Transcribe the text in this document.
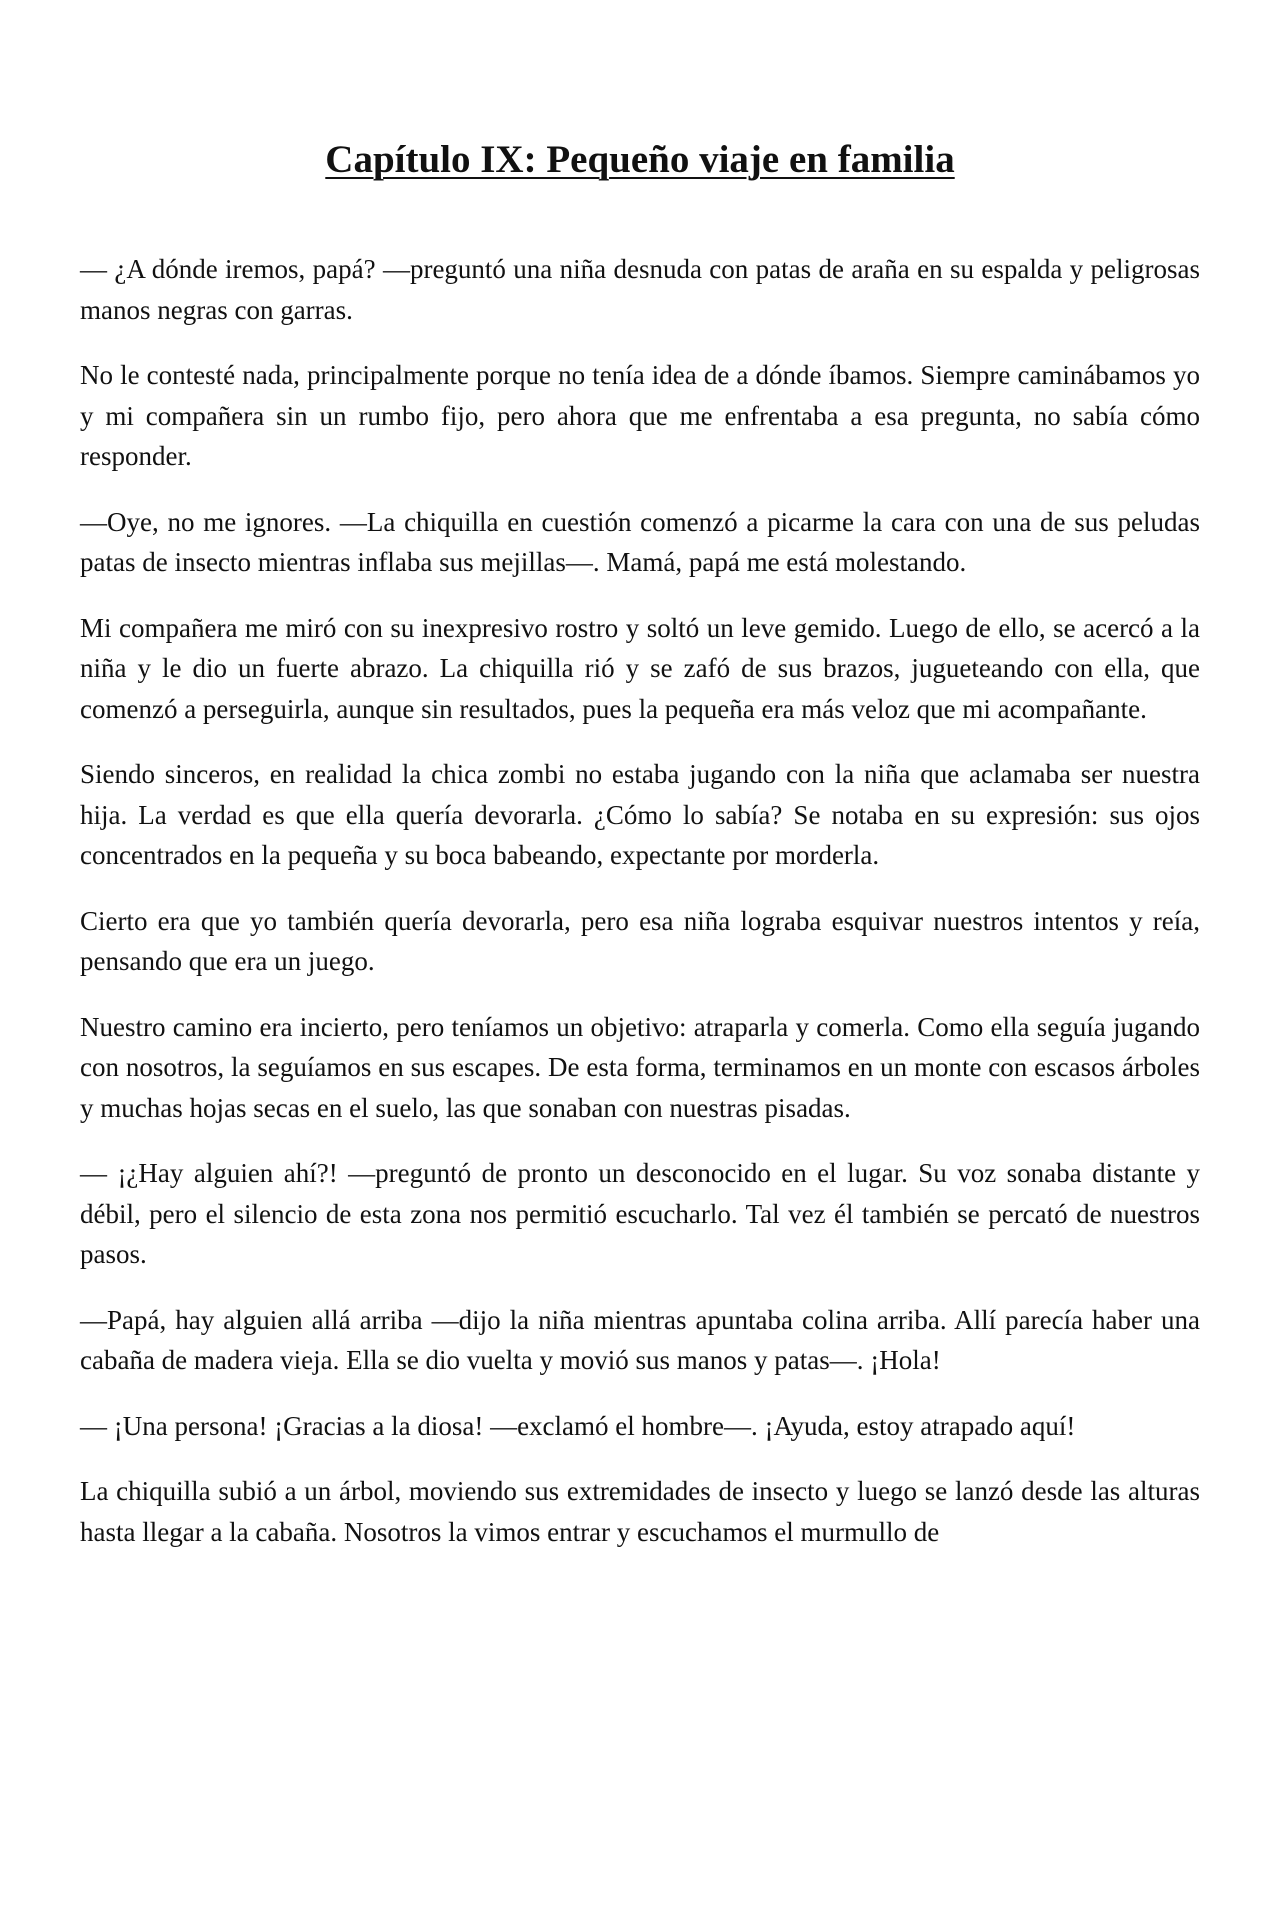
Capítulo IX: Pequeño viaje en familia

— ¿A dónde iremos, papá? —preguntó una niña desnuda con patas de araña en su espalda y peligrosas manos negras con garras.

No le contesté nada, principalmente porque no tenía idea de a dónde íbamos. Siempre caminábamos yo y mi compañera sin un rumbo fijo, pero ahora que me enfrentaba a esa pregunta, no sabía cómo responder.

—Oye, no me ignores. —La chiquilla en cuestión comenzó a picarme la cara con una de sus peludas patas de insecto mientras inflaba sus mejillas—. Mamá, papá me está molestando.

Mi compañera me miró con su inexpresivo rostro y soltó un leve gemido. Luego de ello, se acercó a la niña y le dio un fuerte abrazo. La chiquilla rió y se zafó de sus brazos, jugueteando con ella, que comenzó a perseguirla, aunque sin resultados, pues la pequeña era más veloz que mi acompañante.

Siendo sinceros, en realidad la chica zombi no estaba jugando con la niña que aclamaba ser nuestra hija. La verdad es que ella quería devorarla. ¿Cómo lo sabía? Se notaba en su expresión: sus ojos concentrados en la pequeña y su boca babeando, expectante por morderla.

Cierto era que yo también quería devorarla, pero esa niña lograba esquivar nuestros intentos y reía, pensando que era un juego.

Nuestro camino era incierto, pero teníamos un objetivo: atraparla y comerla. Como ella seguía jugando con nosotros, la seguíamos en sus escapes. De esta forma, terminamos en un monte con escasos árboles y muchas hojas secas en el suelo, las que sonaban con nuestras pisadas.

— ¡¿Hay alguien ahí?! —preguntó de pronto un desconocido en el lugar. Su voz sonaba distante y débil, pero el silencio de esta zona nos permitió escucharlo. Tal vez él también se percató de nuestros pasos.

—Papá, hay alguien allá arriba —dijo la niña mientras apuntaba colina arriba. Allí parecía haber una cabaña de madera vieja. Ella se dio vuelta y movió sus manos y patas—. ¡Hola!

— ¡Una persona! ¡Gracias a la diosa! —exclamó el hombre—. ¡Ayuda, estoy atrapado aquí!

La chiquilla subió a un árbol, moviendo sus extremidades de insecto y luego se lanzó desde las alturas hasta llegar a la cabaña. Nosotros la vimos entrar y escuchamos el murmullo de
